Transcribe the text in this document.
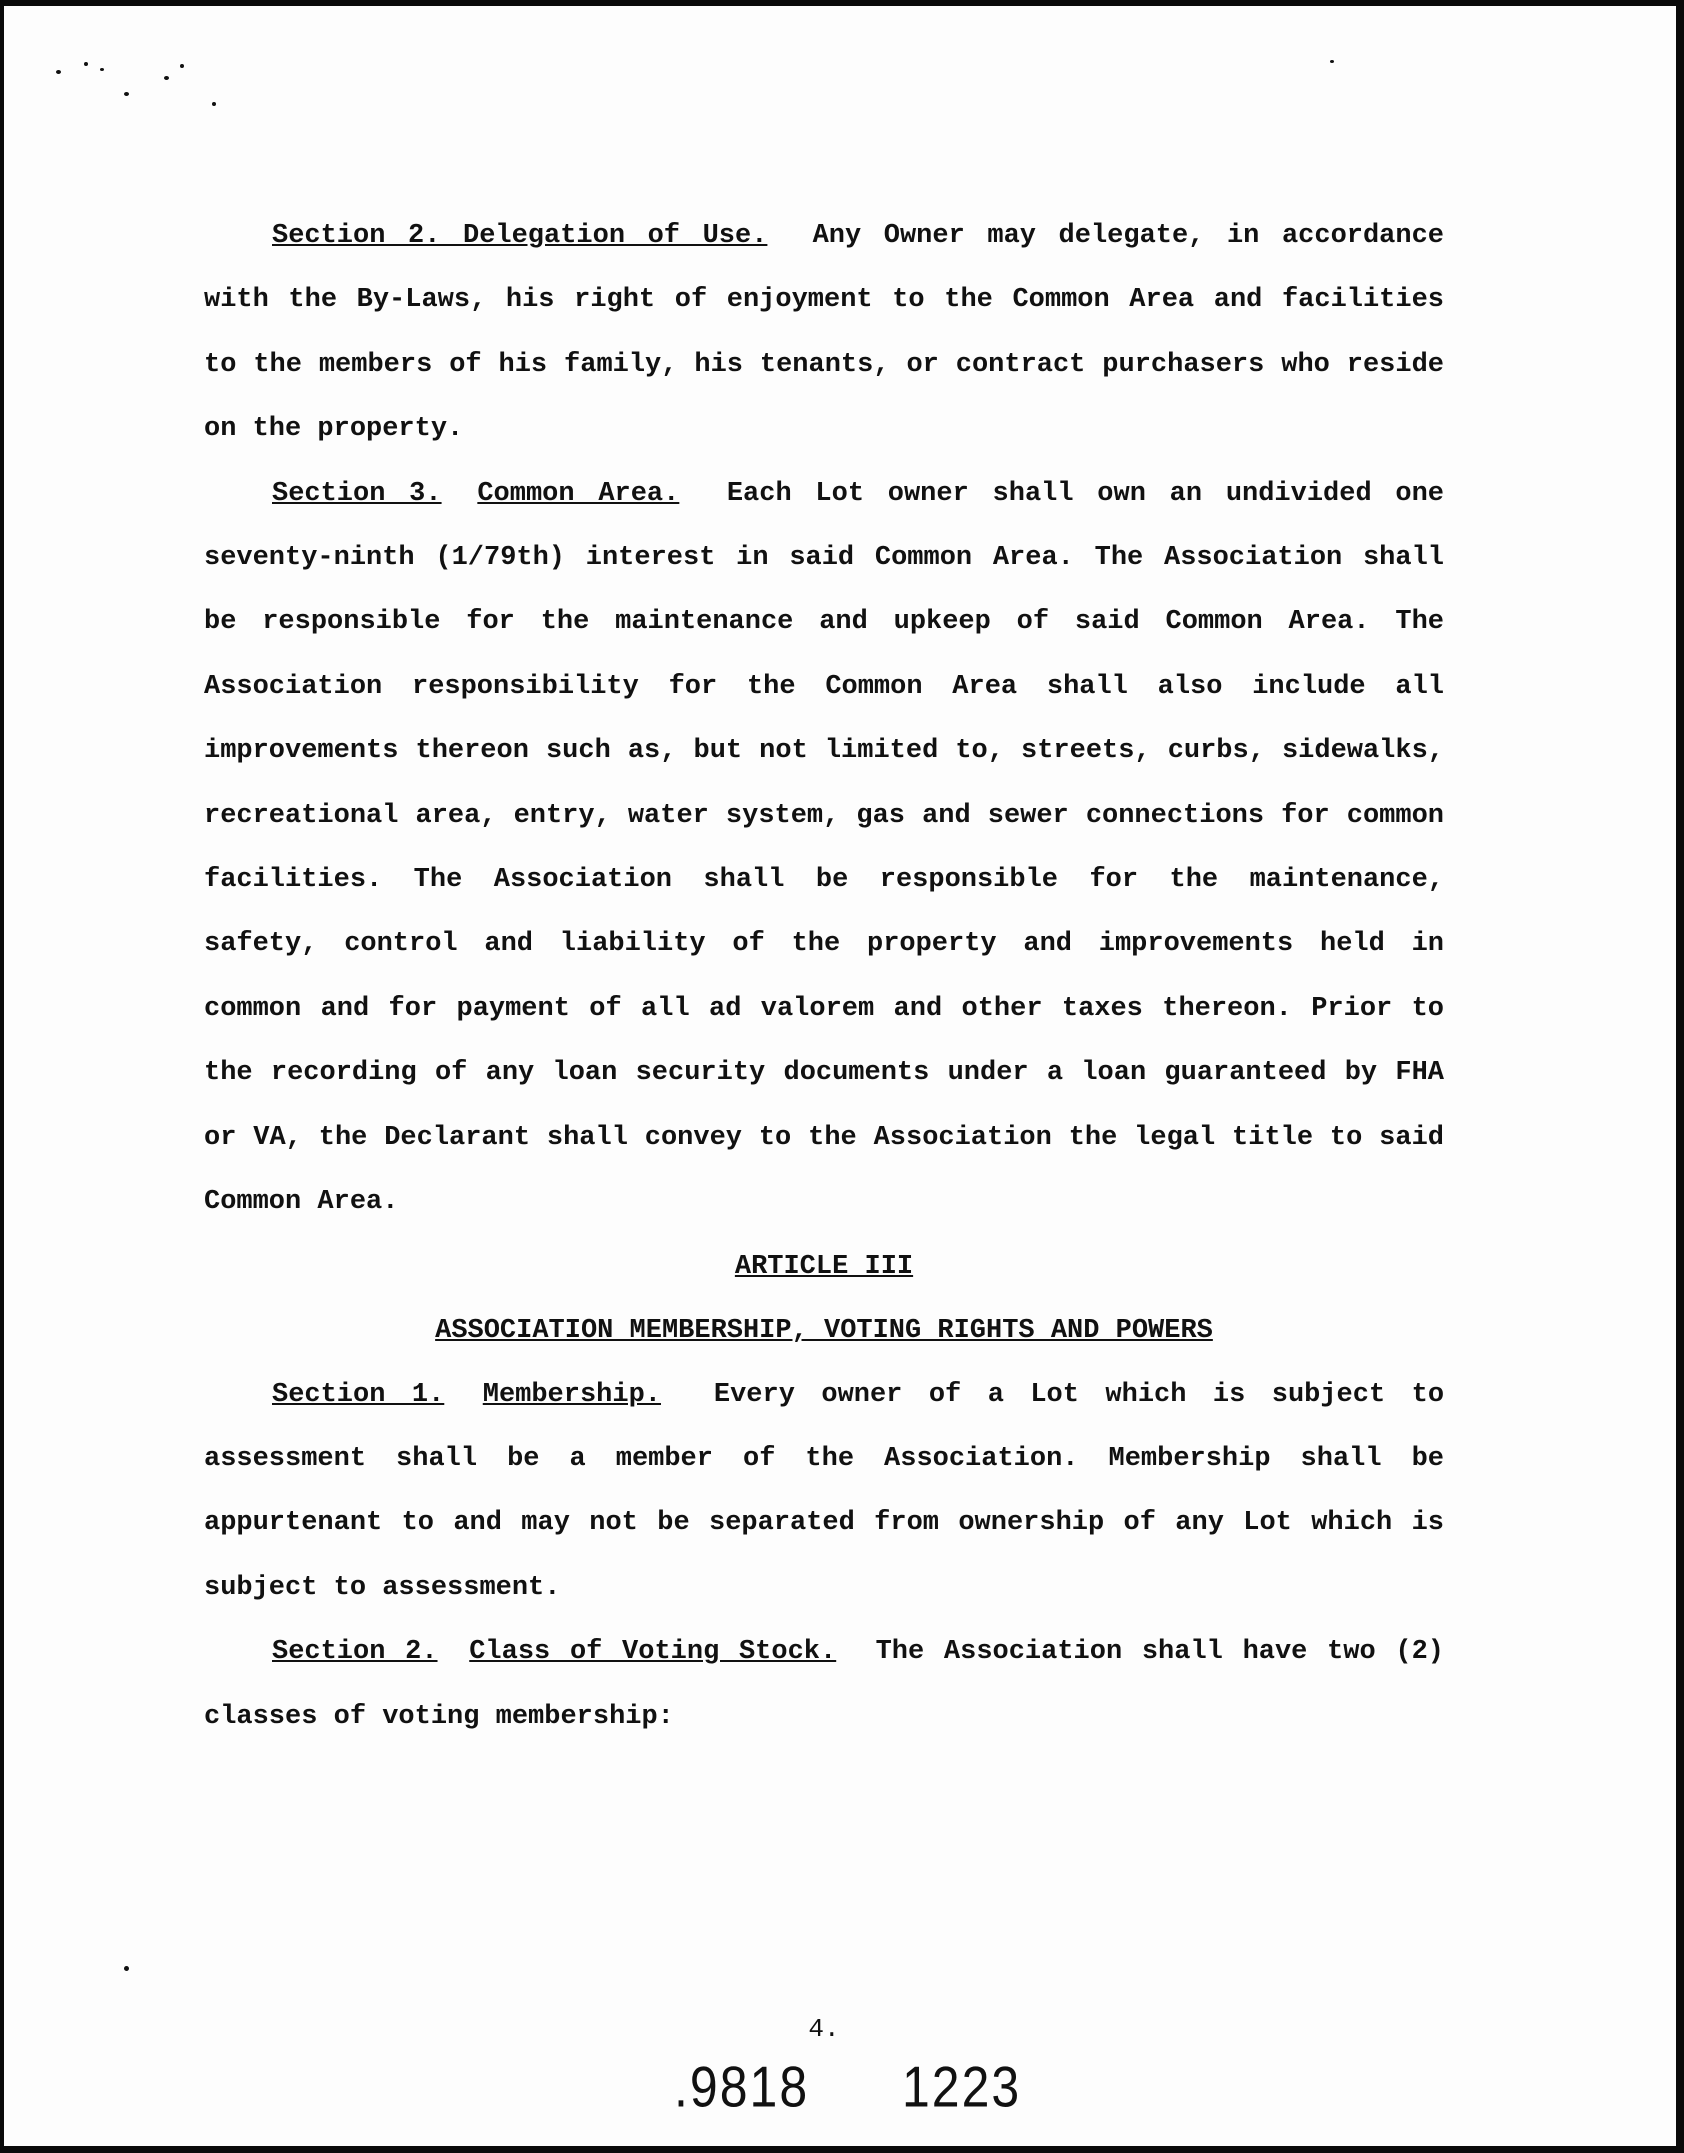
Section 2. Delegation of Use. Any Owner may delegate, in accordance with the By-Laws, his right of enjoyment to the Common Area and facilities to the members of his family, his tenants, or contract purchasers who reside on the property.

Section 3. Common Area. Each Lot owner shall own an undivided one seventy-ninth (1/79th) interest in said Common Area. The Association shall be responsible for the maintenance and upkeep of said Common Area. The Association responsibility for the Common Area shall also include all improvements thereon such as, but not limited to, streets, curbs, sidewalks, recreational area, entry, water system, gas and sewer connections for common facilities. The Association shall be responsible for the maintenance, safety, control and liability of the property and improvements held in common and for payment of all ad valorem and other taxes thereon. Prior to the recording of any loan security documents under a loan guaranteed by FHA or VA, the Declarant shall convey to the Association the legal title to said Common Area.

ARTICLE III

ASSOCIATION MEMBERSHIP, VOTING RIGHTS AND POWERS

Section 1. Membership. Every owner of a Lot which is subject to assessment shall be a member of the Association. Membership shall be appurtenant to and may not be separated from ownership of any Lot which is subject to assessment.

Section 2. Class of Voting Stock. The Association shall have two (2) classes of voting membership:

4.
.9818 1223
